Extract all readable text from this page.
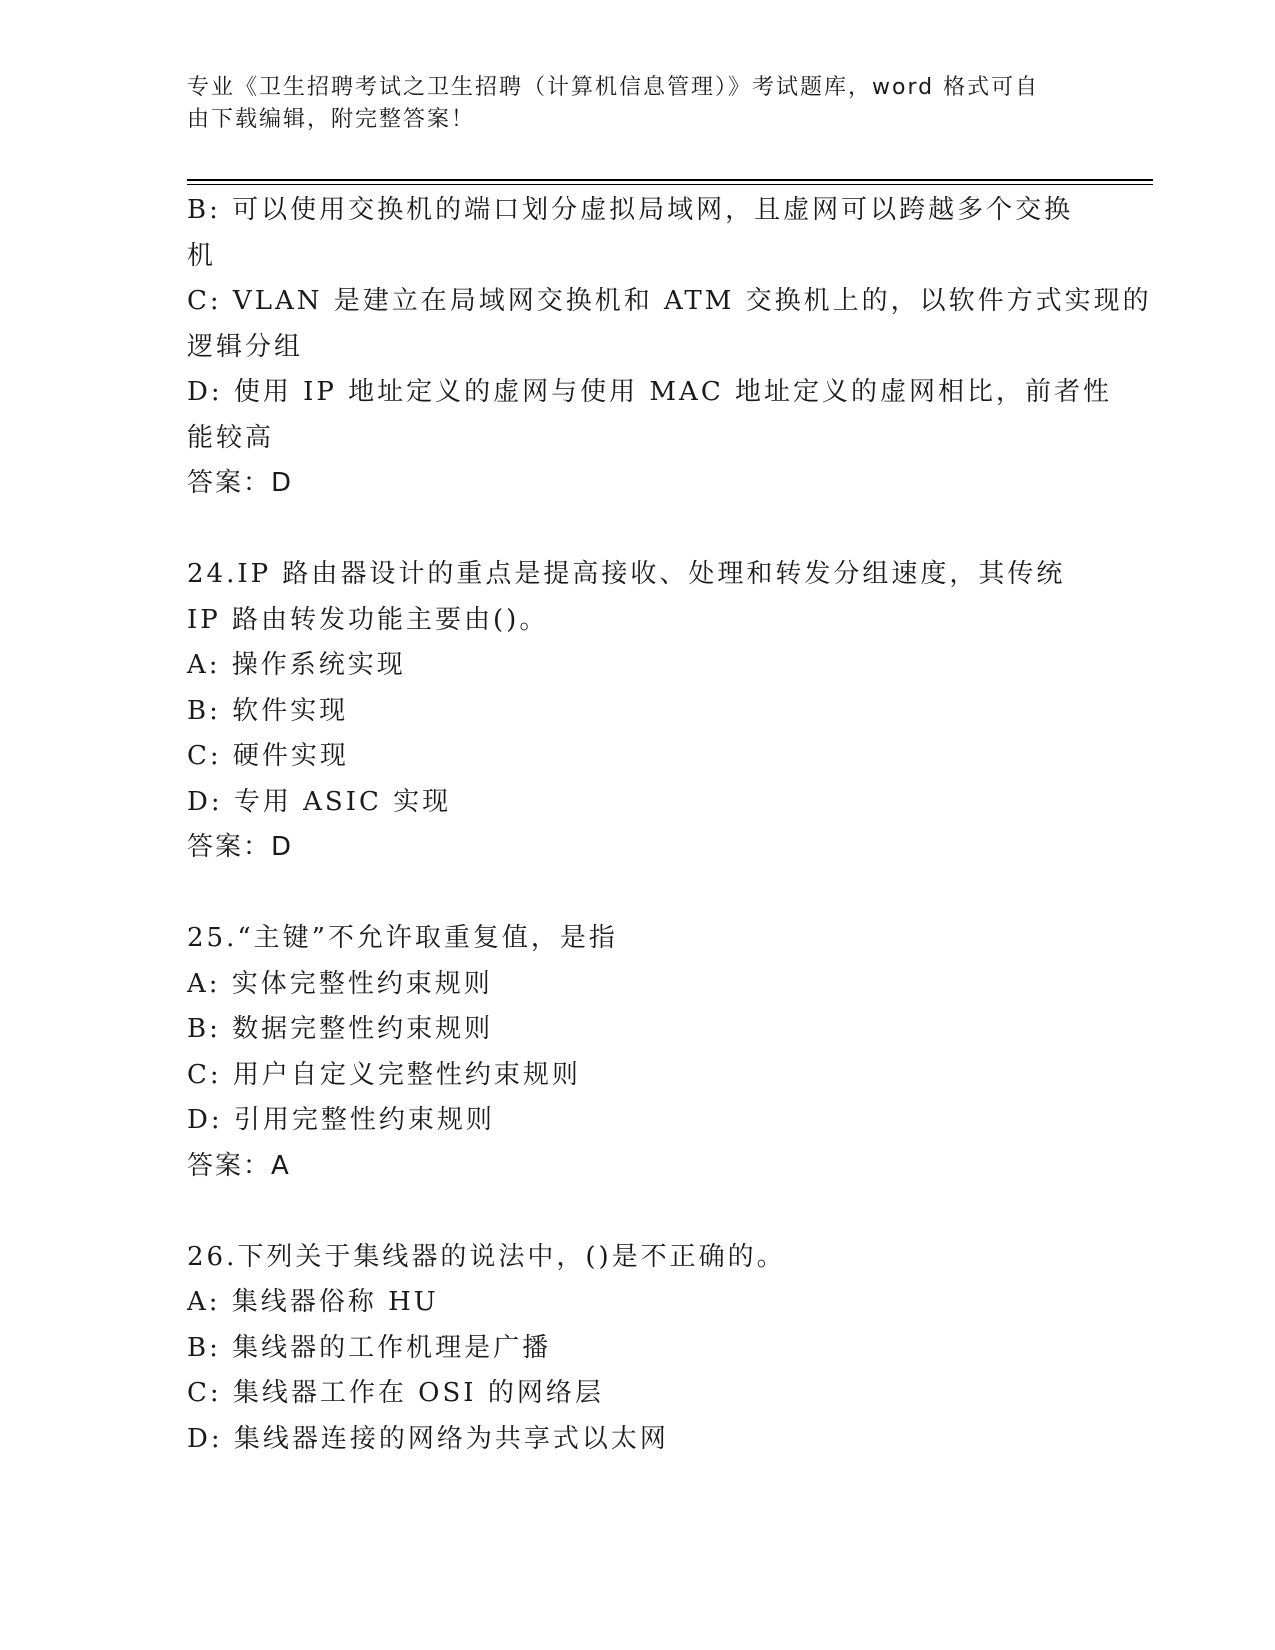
专业《卫生招聘考试之卫生招聘（计算机信息管理）》考试题库，word 格式可自
由下载编辑，附完整答案！
B: 可以使用交换机的端口划分虚拟局域网，且虚网可以跨越多个交换
机
C: VLAN 是建立在局域网交换机和 ATM 交换机上的，以软件方式实现的
逻辑分组
D: 使用 IP 地址定义的虚网与使用 MAC 地址定义的虚网相比，前者性
能较高
答案：D
24.IP 路由器设计的重点是提高接收、处理和转发分组速度，其传统
IP 路由转发功能主要由()。
A: 操作系统实现
B: 软件实现
C: 硬件实现
D: 专用 ASIC 实现
答案：D
25.“主键”不允许取重复值，是指
A: 实体完整性约束规则
B: 数据完整性约束规则
C: 用户自定义完整性约束规则
D: 引用完整性约束规则
答案：A
26.下列关于集线器的说法中，()是不正确的。
A: 集线器俗称 HU
B: 集线器的工作机理是广播
C: 集线器工作在 OSI 的网络层
D: 集线器连接的网络为共享式以太网
